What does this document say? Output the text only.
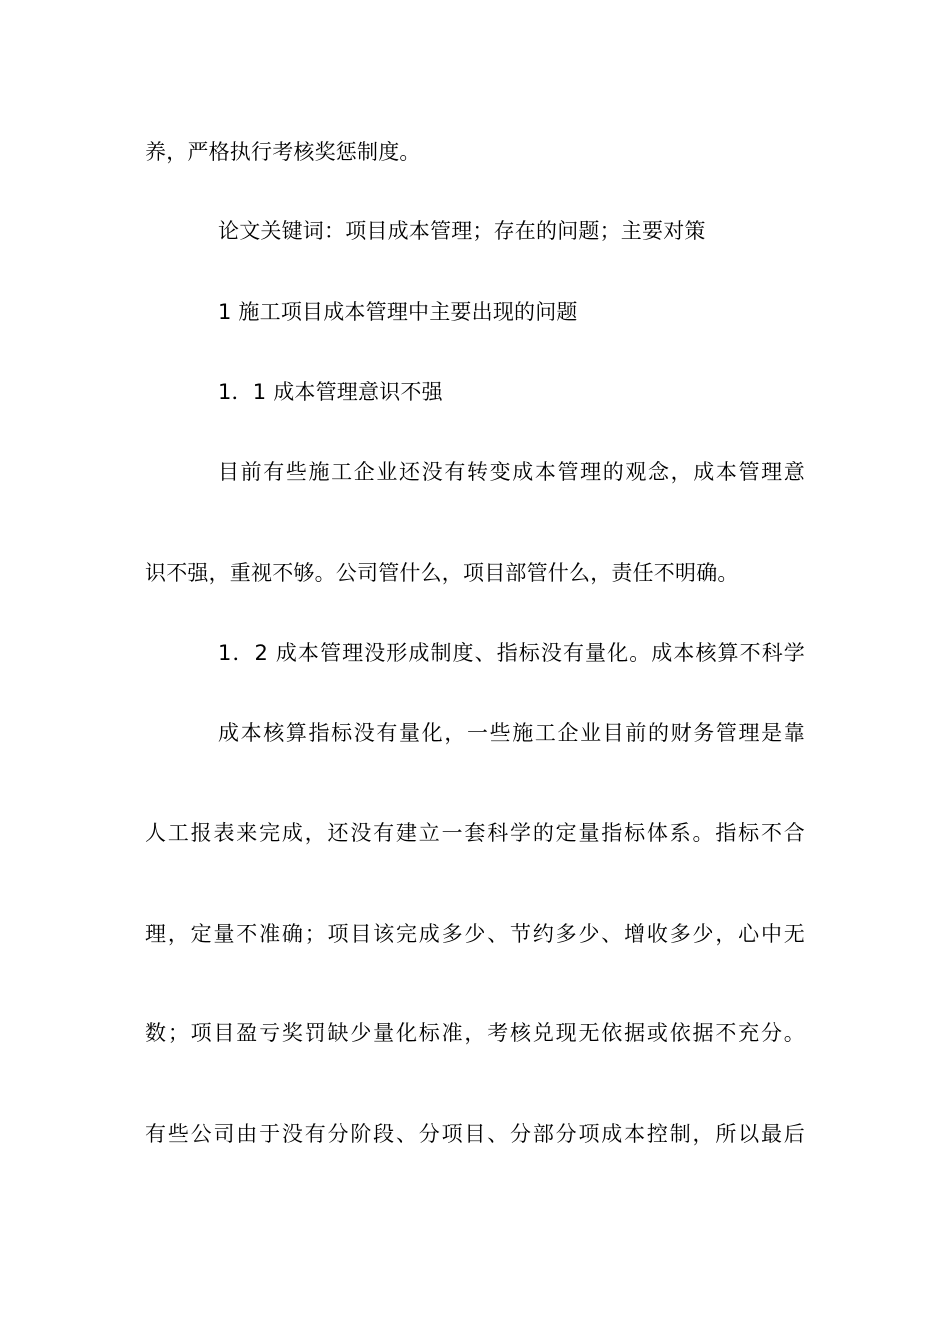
养，严格执行考核奖惩制度。
论文关键词：项目成本管理；存在的问题；主要对策
1 施工项目成本管理中主要出现的问题
1．1 成本管理意识不强
目前有些施工企业还没有转变成本管理的观念，成本管理意
识不强，重视不够。公司管什么，项目部管什么，责任不明确。
1．2 成本管理没形成制度、指标没有量化。成本核算不科学
成本核算指标没有量化，一些施工企业目前的财务管理是靠
人工报表来完成，还没有建立一套科学的定量指标体系。指标不合
理，定量不准确；项目该完成多少、节约多少、增收多少，心中无
数；项目盈亏奖罚缺少量化标准，考核兑现无依据或依据不充分。
有些公司由于没有分阶段、分项目、分部分项成本控制，所以最后
